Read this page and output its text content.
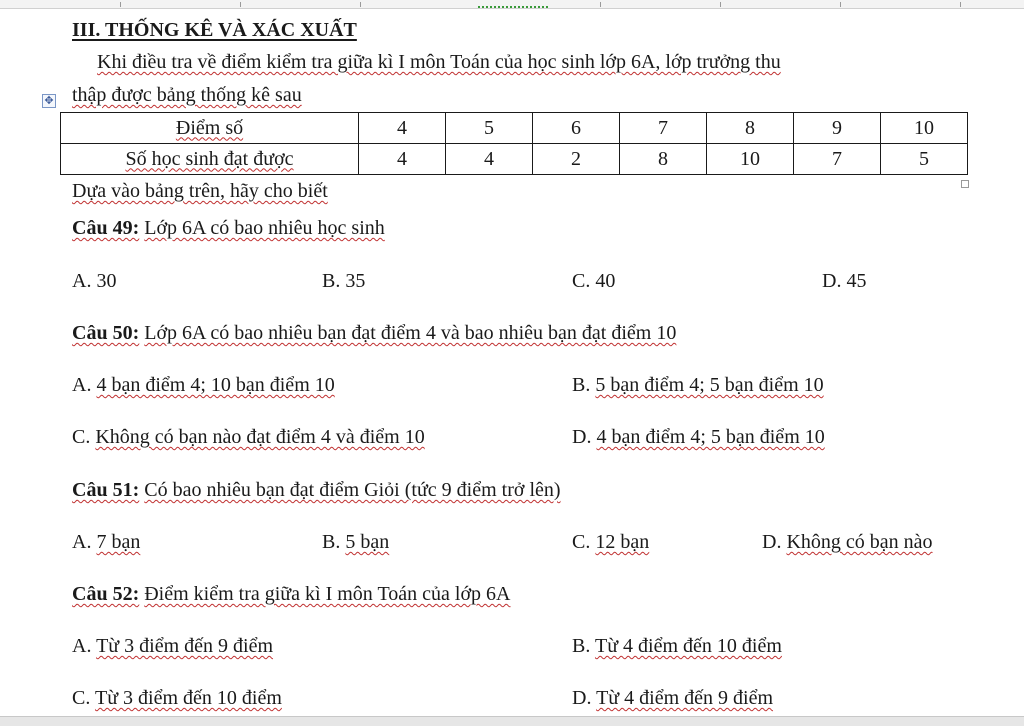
III. THỐNG KÊ VÀ XÁC XUẤT
Khi điều tra về điểm kiểm tra giữa kì I môn Toán của học sinh lớp 6A, lớp trưởng thu
thập được bảng thống kê sau
✥
Điểm số	4	5	6	7	8	9	10
Số học sinh đạt được	4	4	2	8	10	7	5
Dựa vào bảng trên, hãy cho biết
Câu 49: Lớp 6A có bao nhiêu học sinh
A. 30	B. 35	C. 40	D. 45
Câu 50: Lớp 6A có bao nhiêu bạn đạt điểm 4 và bao nhiêu bạn đạt điểm 10
A. 4 bạn điểm 4; 10 bạn điểm 10	B. 5 bạn điểm 4; 5 bạn điểm 10
C. Không có bạn nào đạt điểm 4 và điểm 10	D. 4 bạn điểm 4; 5 bạn điểm 10
Câu 51: Có bao nhiêu bạn đạt điểm Giỏi (tức 9 điểm trở lên)
A. 7 bạn	B. 5 bạn	C. 12 bạn	D. Không có bạn nào
Câu 52: Điểm kiểm tra giữa kì I môn Toán của lớp 6A
A. Từ 3 điểm đến 9 điểm	B. Từ 4 điểm đến 10 điểm
C. Từ 3 điểm đến 10 điểm	D. Từ 4 điểm đến 9 điểm
